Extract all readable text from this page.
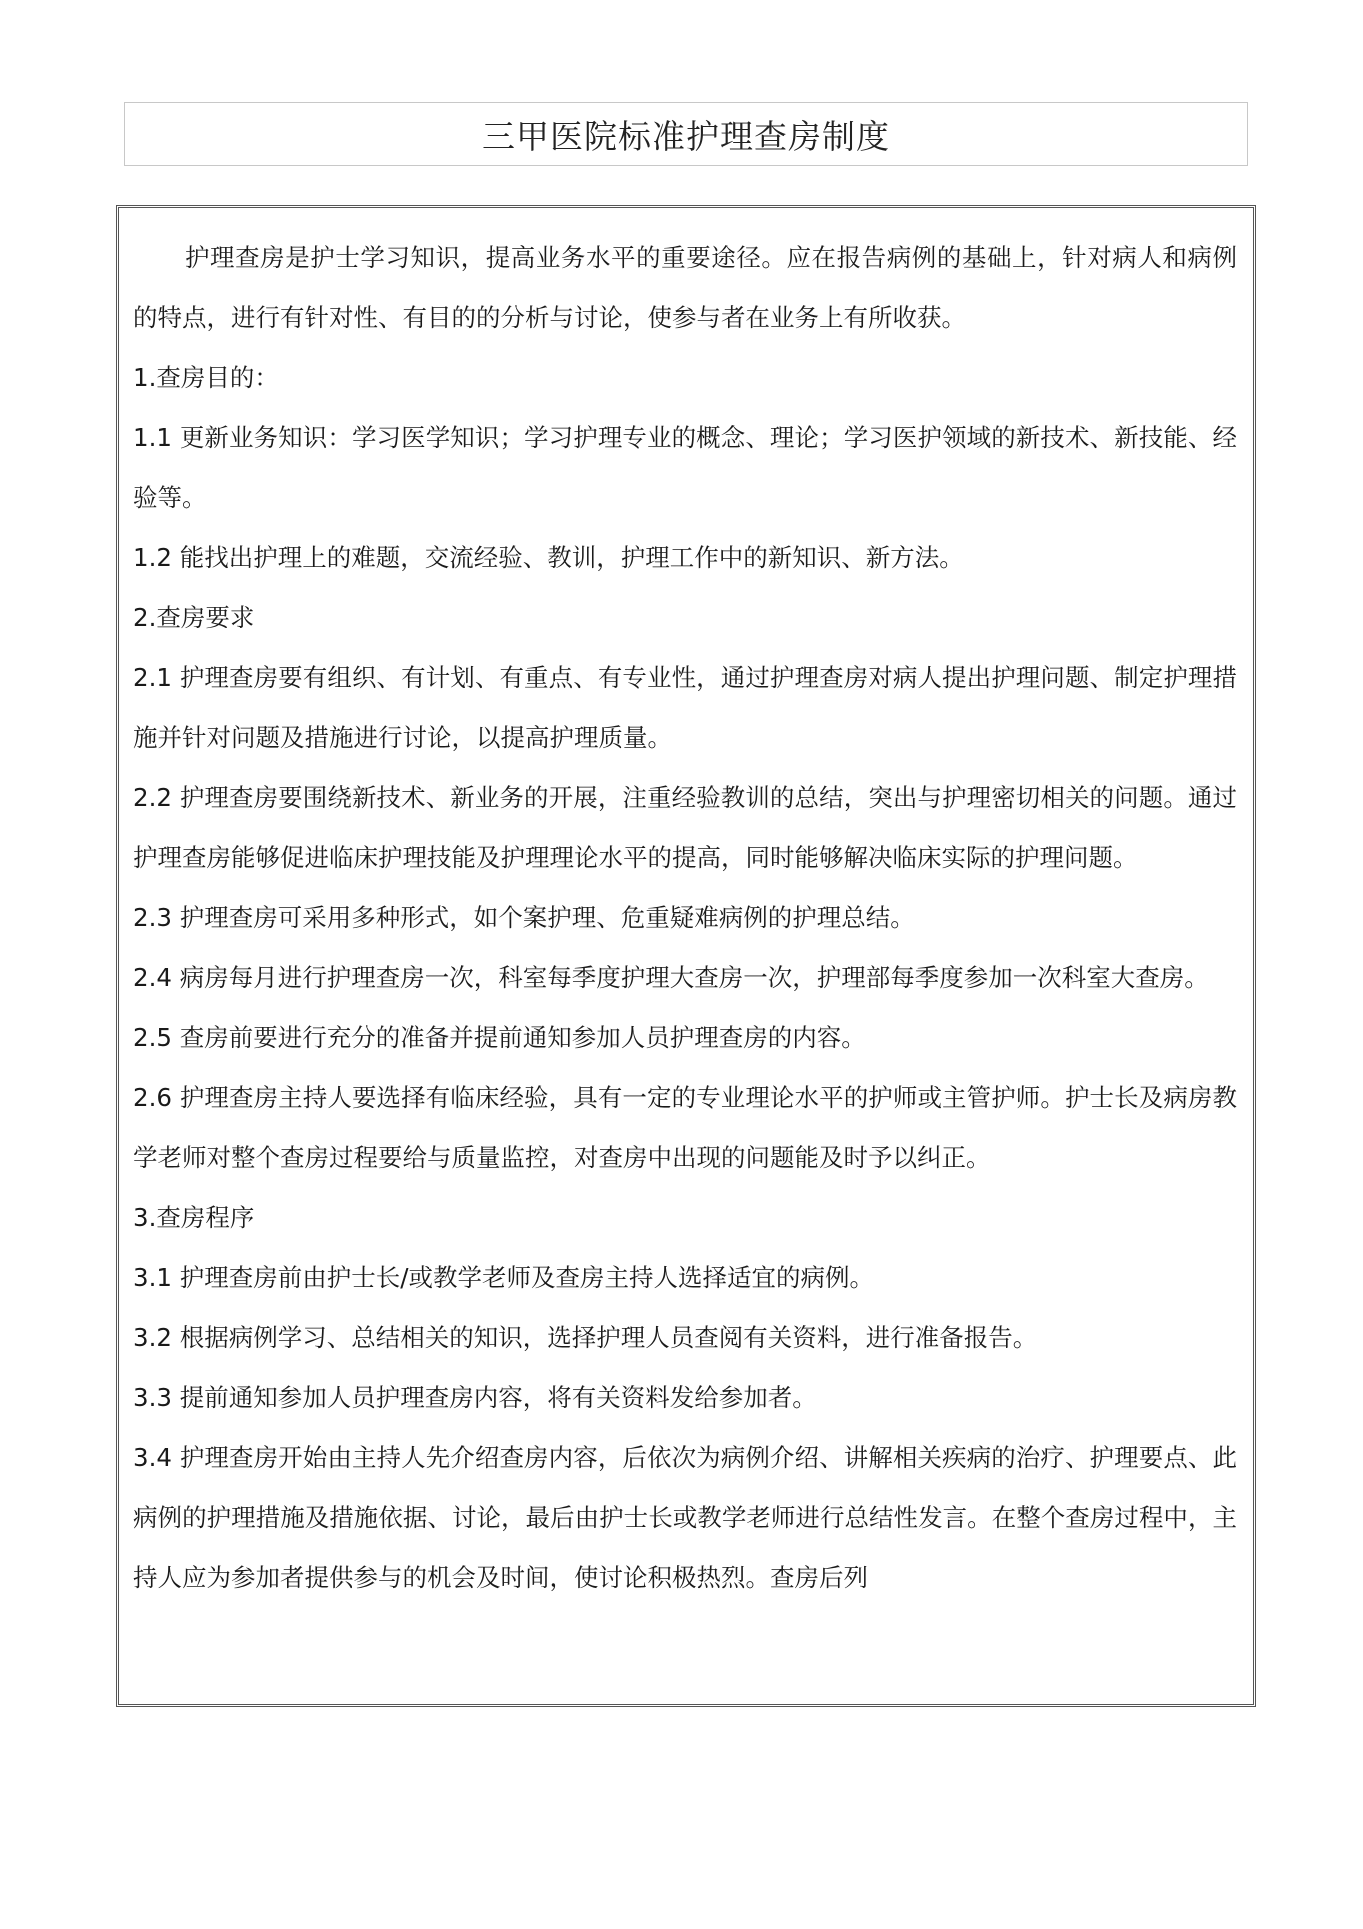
三甲医院标准护理查房制度

护理查房是护士学习知识，提高业务水平的重要途径。应在报告病例的基础上，针对病人和病例的特点，进行有针对性、有目的的分析与讨论，使参与者在业务上有所收获。

1.查房目的：

1.1 更新业务知识：学习医学知识；学习护理专业的概念、理论；学习医护领域的新技术、新技能、经验等。

1.2 能找出护理上的难题，交流经验、教训，护理工作中的新知识、新方法。

2.查房要求

2.1 护理查房要有组织、有计划、有重点、有专业性，通过护理查房对病人提出护理问题、制定护理措施并针对问题及措施进行讨论，以提高护理质量。

2.2 护理查房要围绕新技术、新业务的开展，注重经验教训的总结，突出与护理密切相关的问题。通过护理查房能够促进临床护理技能及护理理论水平的提高，同时能够解决临床实际的护理问题。

2.3 护理查房可采用多种形式，如个案护理、危重疑难病例的护理总结。

2.4 病房每月进行护理查房一次，科室每季度护理大查房一次，护理部每季度参加一次科室大查房。

2.5 查房前要进行充分的准备并提前通知参加人员护理查房的内容。

2.6 护理查房主持人要选择有临床经验，具有一定的专业理论水平的护师或主管护师。护士长及病房教学老师对整个查房过程要给与质量监控，对查房中出现的问题能及时予以纠正。

3.查房程序

3.1 护理查房前由护士长/或教学老师及查房主持人选择适宜的病例。

3.2 根据病例学习、总结相关的知识，选择护理人员查阅有关资料，进行准备报告。

3.3 提前通知参加人员护理查房内容，将有关资料发给参加者。

3.4 护理查房开始由主持人先介绍查房内容，后依次为病例介绍、讲解相关疾病的治疗、护理要点、此病例的护理措施及措施依据、讨论，最后由护士长或教学老师进行总结性发言。在整个查房过程中，主持人应为参加者提供参与的机会及时间，使讨论积极热烈。查房后列
